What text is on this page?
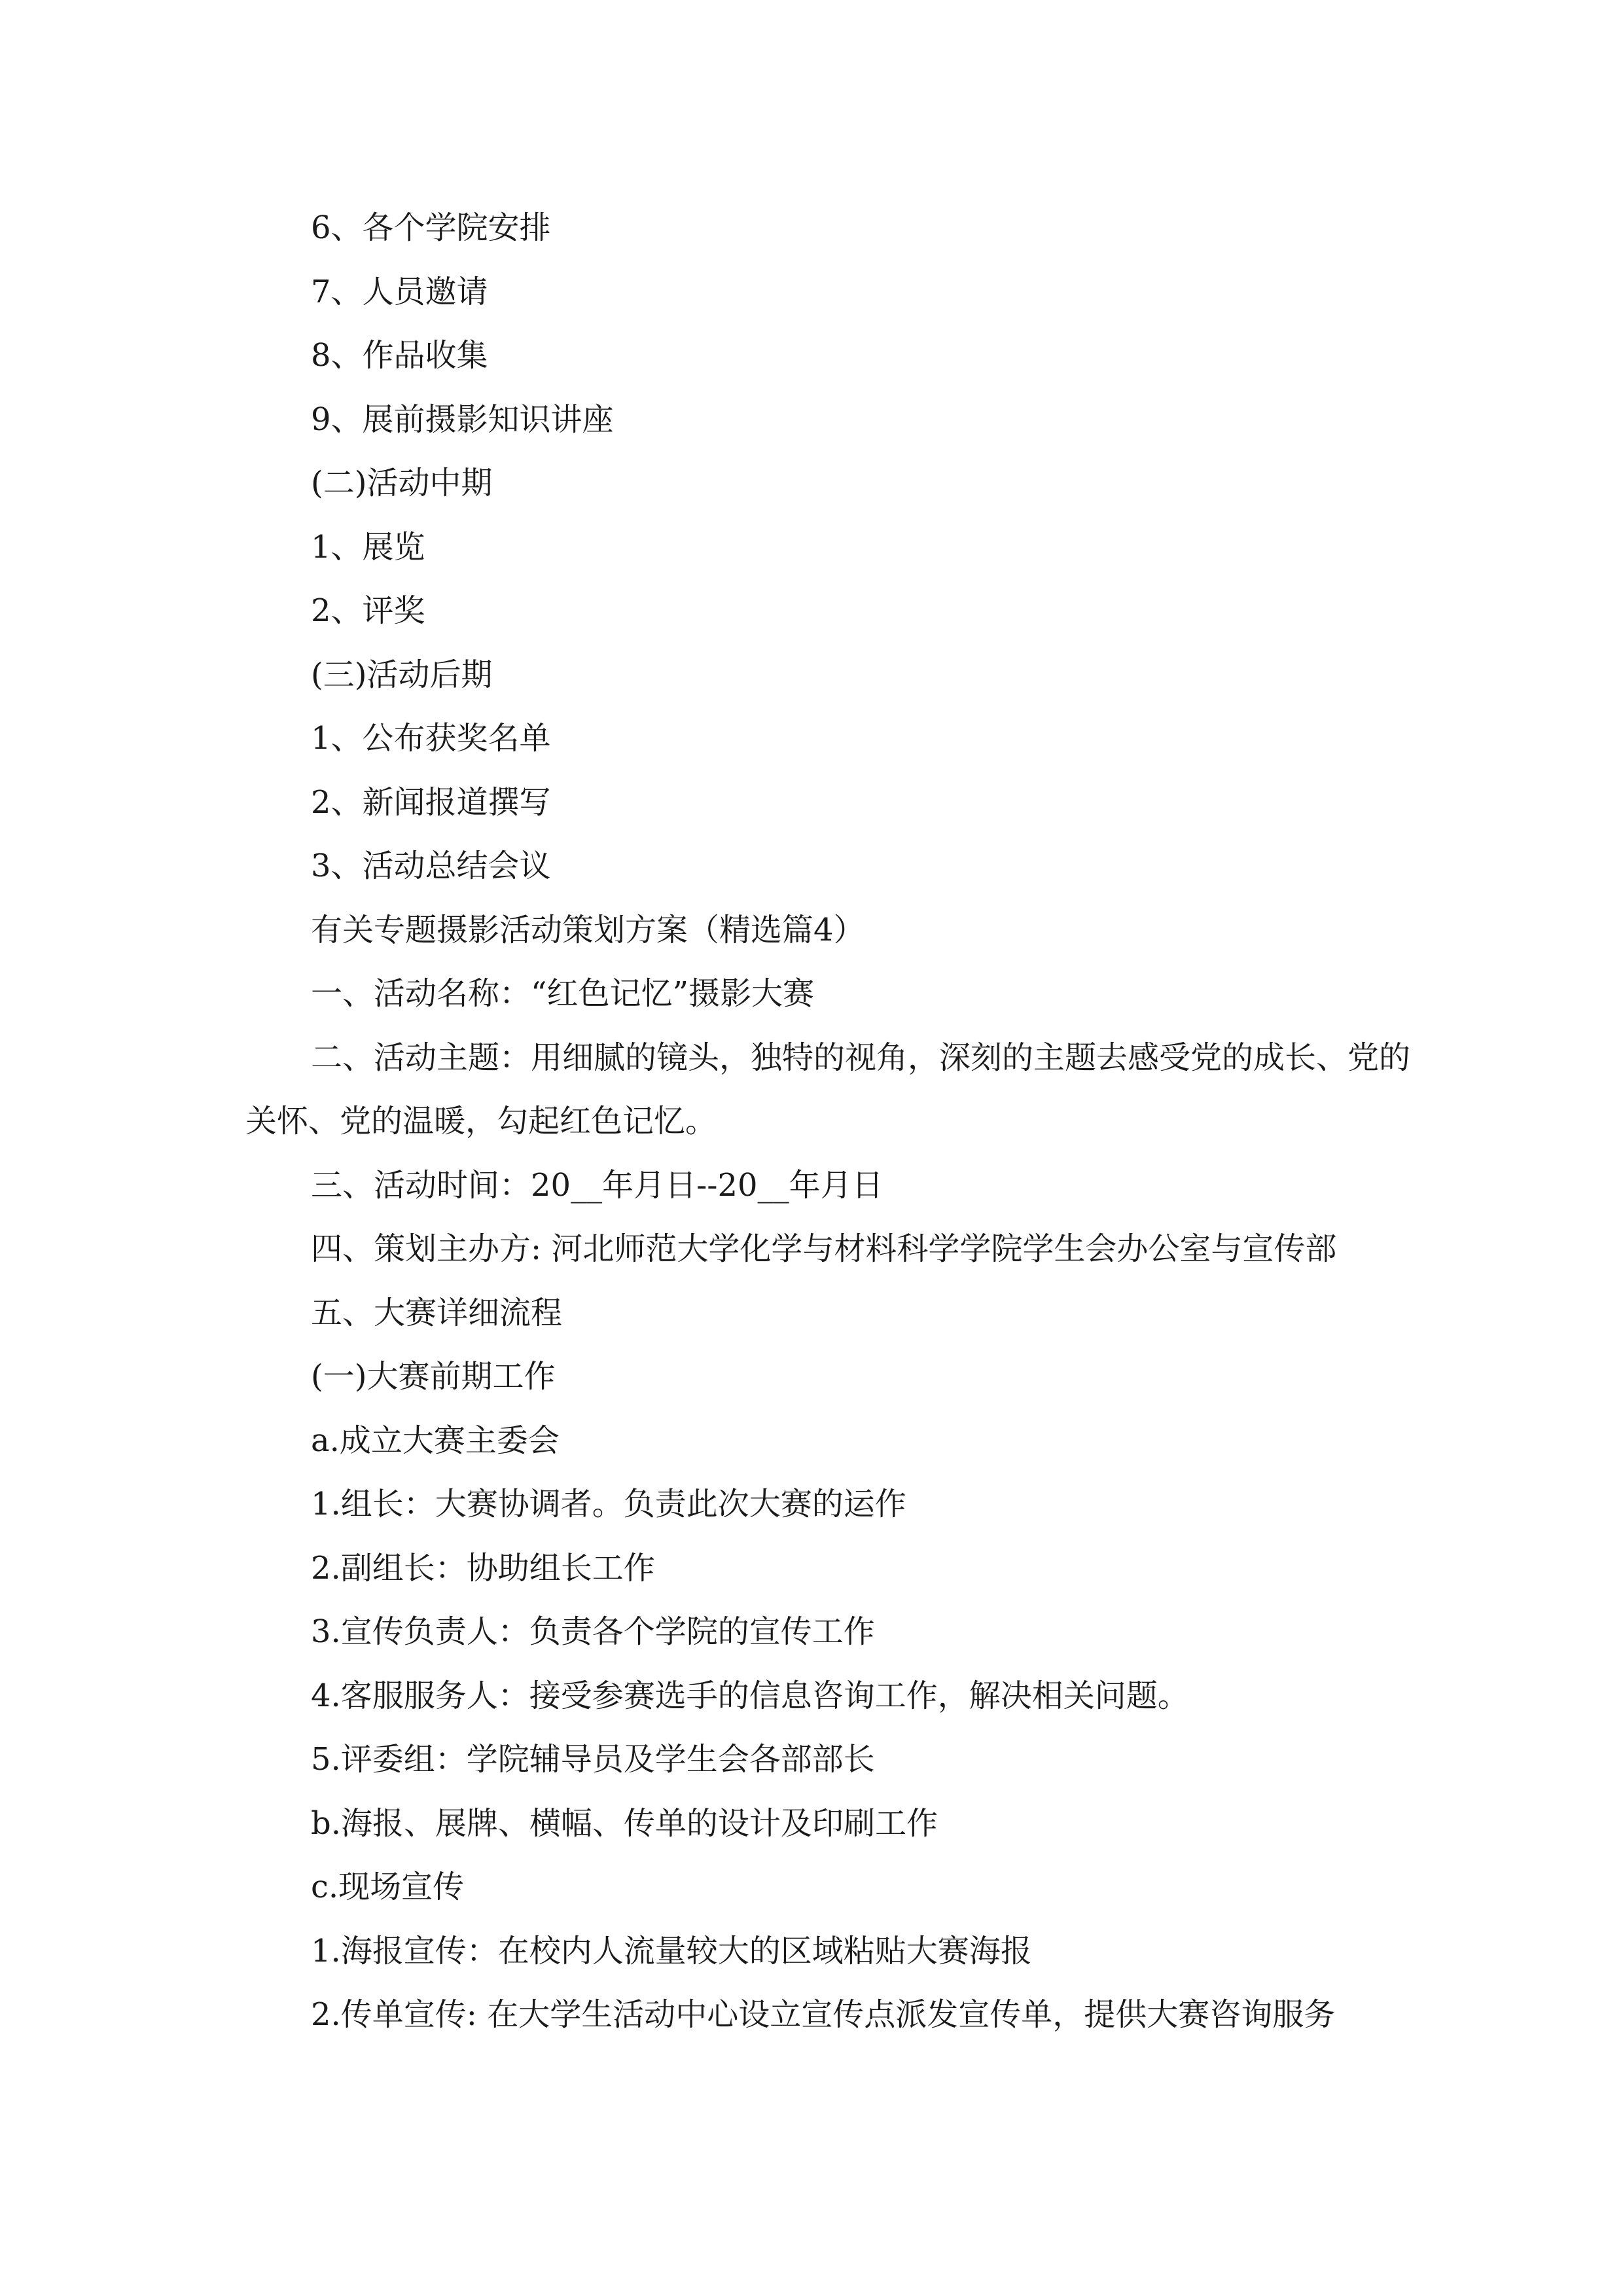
6、各个学院安排

7、人员邀请

8、作品收集

9、展前摄影知识讲座

(二)活动中期

1、展览

2、评奖

(三)活动后期

1、公布获奖名单

2、新闻报道撰写

3、活动总结会议

有关专题摄影活动策划方案（精选篇4）

一、活动名称：“红色记忆”摄影大赛

二、活动主题：用细腻的镜头，独特的视角，深刻的主题去感受党的成长、党的关怀、党的温暖，勾起红色记忆。

三、活动时间：20__年月日--20__年月日

四、策划主办方: 河北师范大学化学与材料科学学院学生会办公室与宣传部

五、大赛详细流程

(一)大赛前期工作

a.成立大赛主委会

1.组长：大赛协调者。负责此次大赛的运作

2.副组长：协助组长工作

3.宣传负责人：负责各个学院的宣传工作

4.客服服务人：接受参赛选手的信息咨询工作，解决相关问题。

5.评委组：学院辅导员及学生会各部部长

b.海报、展牌、横幅、传单的设计及印刷工作

c.现场宣传

1.海报宣传：在校内人流量较大的区域粘贴大赛海报

2.传单宣传: 在大学生活动中心设立宣传点派发宣传单，提供大赛咨询服务
